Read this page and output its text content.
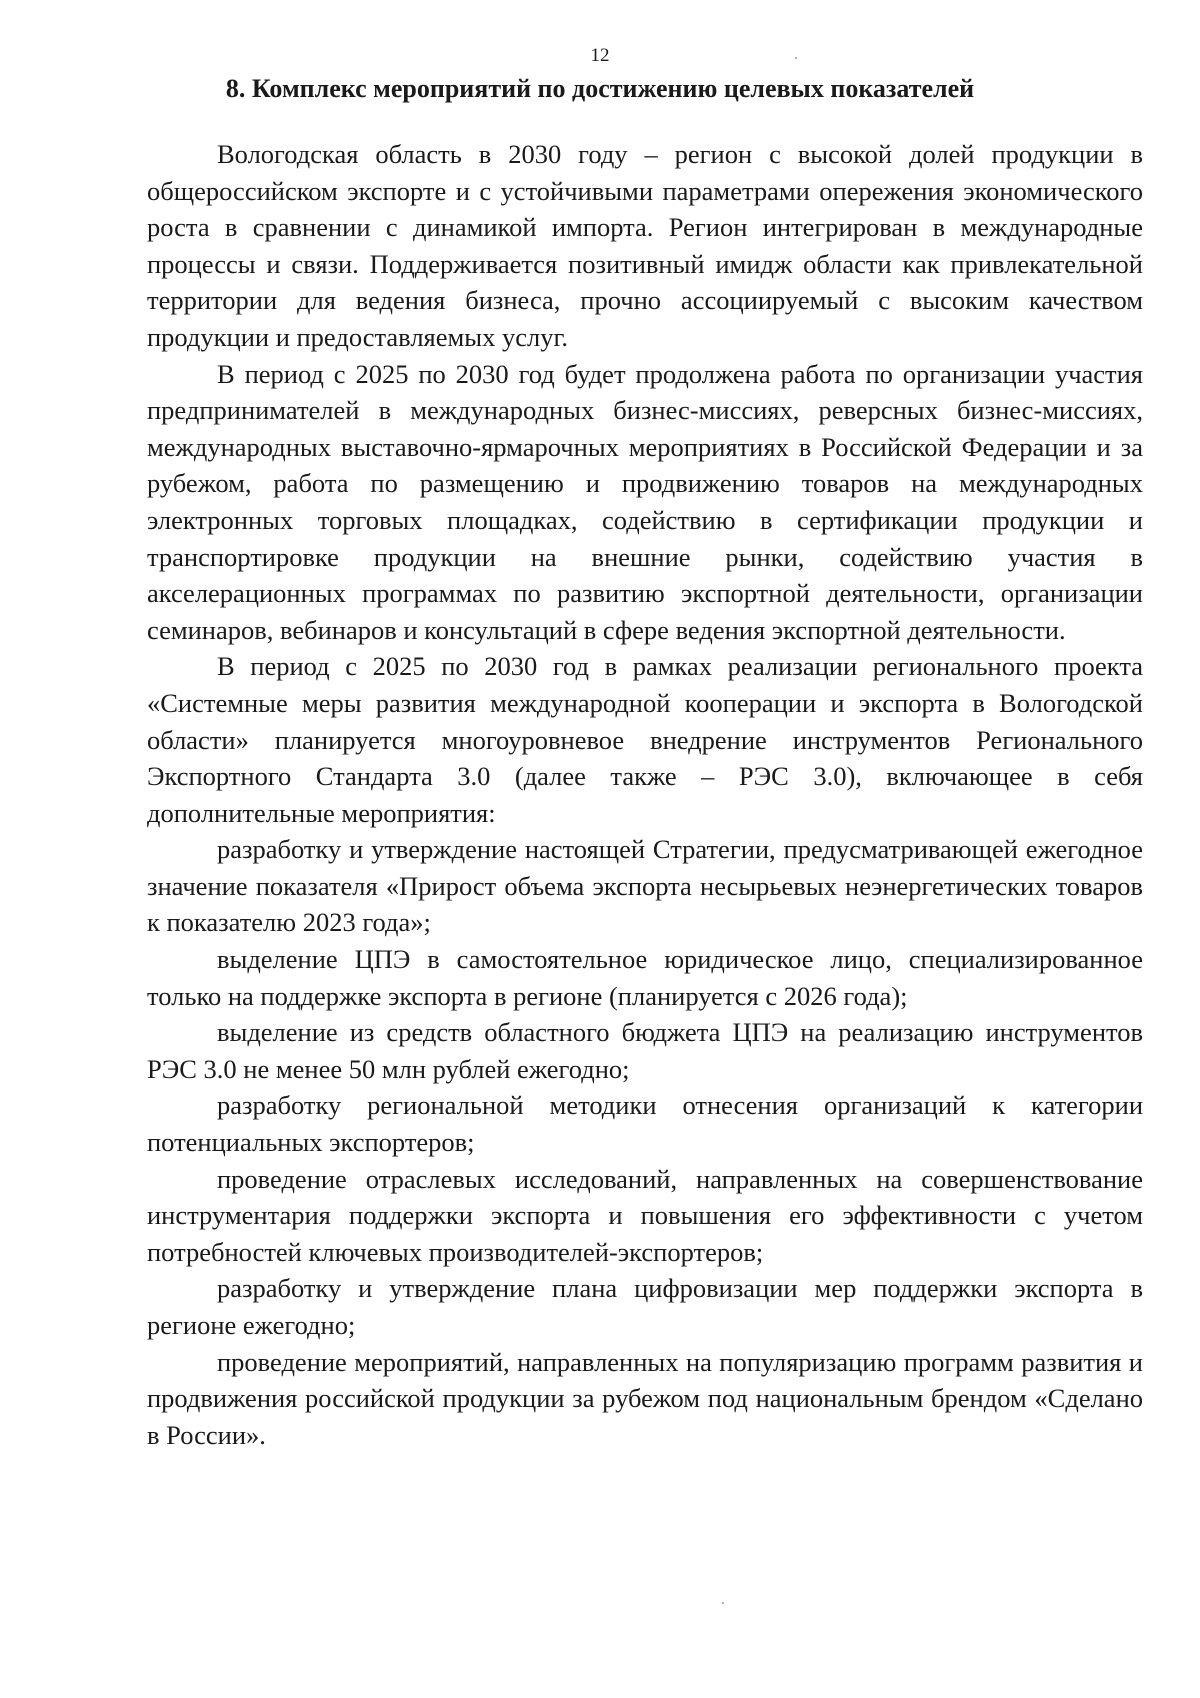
12
8. Комплекс мероприятий по достижению целевых показателей

Вологодская область в 2030 году – регион с высокой долей продукции в общероссийском экспорте и с устойчивыми параметрами опережения экономического роста в сравнении с динамикой импорта. Регион интегрирован в международные процессы и связи. Поддерживается позитивный имидж области как привлекательной территории для ведения бизнеса, прочно ассоциируемый с высоким качеством продукции и предоставляемых услуг.

В период с 2025 по 2030 год будет продолжена работа по организации участия предпринимателей в международных бизнес-миссиях, реверсных бизнес-миссиях, международных выставочно-ярмарочных мероприятиях в Российской Федерации и за рубежом, работа по размещению и продвижению товаров на международных электронных торговых площадках, содействию в сертификации продукции и транспортировке продукции на внешние рынки, содействию участия в акселерационных программах по развитию экспортной деятельности, организации семинаров, вебинаров и консультаций в сфере ведения экспортной деятельности.

В период с 2025 по 2030 год в рамках реализации регионального проекта «Системные меры развития международной кооперации и экспорта в Вологодской области» планируется многоуровневое внедрение инструментов Регионального Экспортного Стандарта 3.0 (далее также – РЭС 3.0), включающее в себя дополнительные мероприятия:

разработку и утверждение настоящей Стратегии, предусматривающей ежегодное значение показателя «Прирост объема экспорта несырьевых неэнергетических товаров к показателю 2023 года»;

выделение ЦПЭ в самостоятельное юридическое лицо, специализированное только на поддержке экспорта в регионе (планируется с 2026 года);

выделение из средств областного бюджета ЦПЭ на реализацию инструментов РЭС 3.0 не менее 50 млн рублей ежегодно;

разработку региональной методики отнесения организаций к категории потенциальных экспортеров;

проведение отраслевых исследований, направленных на совершенствование инструментария поддержки экспорта и повышения его эффективности с учетом потребностей ключевых производителей-экспортеров;

разработку и утверждение плана цифровизации мер поддержки экспорта в регионе ежегодно;

проведение мероприятий, направленных на популяризацию программ развития и продвижения российской продукции за рубежом под национальным брендом «Сделано в России».
